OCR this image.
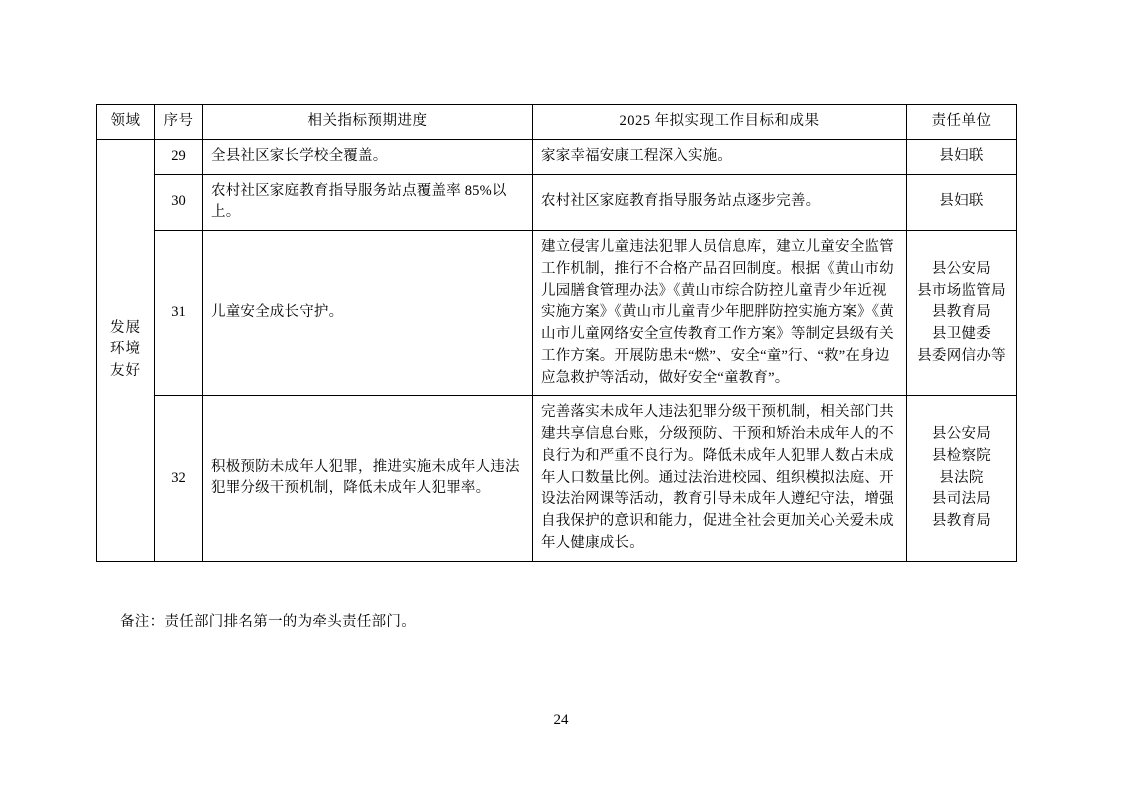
领域	序号	相关指标预期进度	2025 年拟实现工作目标和成果	责任单位
发展环境友好	29	全县社区家长学校全覆盖。	家家幸福安康工程深入实施。	县妇联

	30	农村社区家庭教育指导服务站点覆盖率 85%以上。	农村社区家庭教育指导服务站点逐步完善。	县妇联

	31	儿童安全成长守护。	建立侵害儿童违法犯罪人员信息库，建立儿童安全监管工作机制，推行不合格产品召回制度。根据《黄山市幼儿园膳食管理办法》《黄山市综合防控儿童青少年近视实施方案》《黄山市儿童青少年肥胖防控实施方案》《黄山市儿童网络安全宣传教育工作方案》等制定县级有关工作方案。开展防患未“燃”、安全“童”行、“救”在身边应急救护等活动，做好安全“童教育”。	县公安局
县市场监管局
县教育局
县卫健委
县委网信办等

	32	积极预防未成年人犯罪，推进实施未成年人违法犯罪分级干预机制，降低未成年人犯罪率。	完善落实未成年人违法犯罪分级干预机制，相关部门共建共享信息台账，分级预防、干预和矫治未成年人的不良行为和严重不良行为。降低未成年人犯罪人数占未成年人口数量比例。通过法治进校园、组织模拟法庭、开设法治网课等活动，教育引导未成年人遵纪守法，增强自我保护的意识和能力，促进全社会更加关心关爱未成年人健康成长。	县公安局
县检察院
县法院
县司法局
县教育局
备注：责任部门排名第一的为牵头责任部门。
24
